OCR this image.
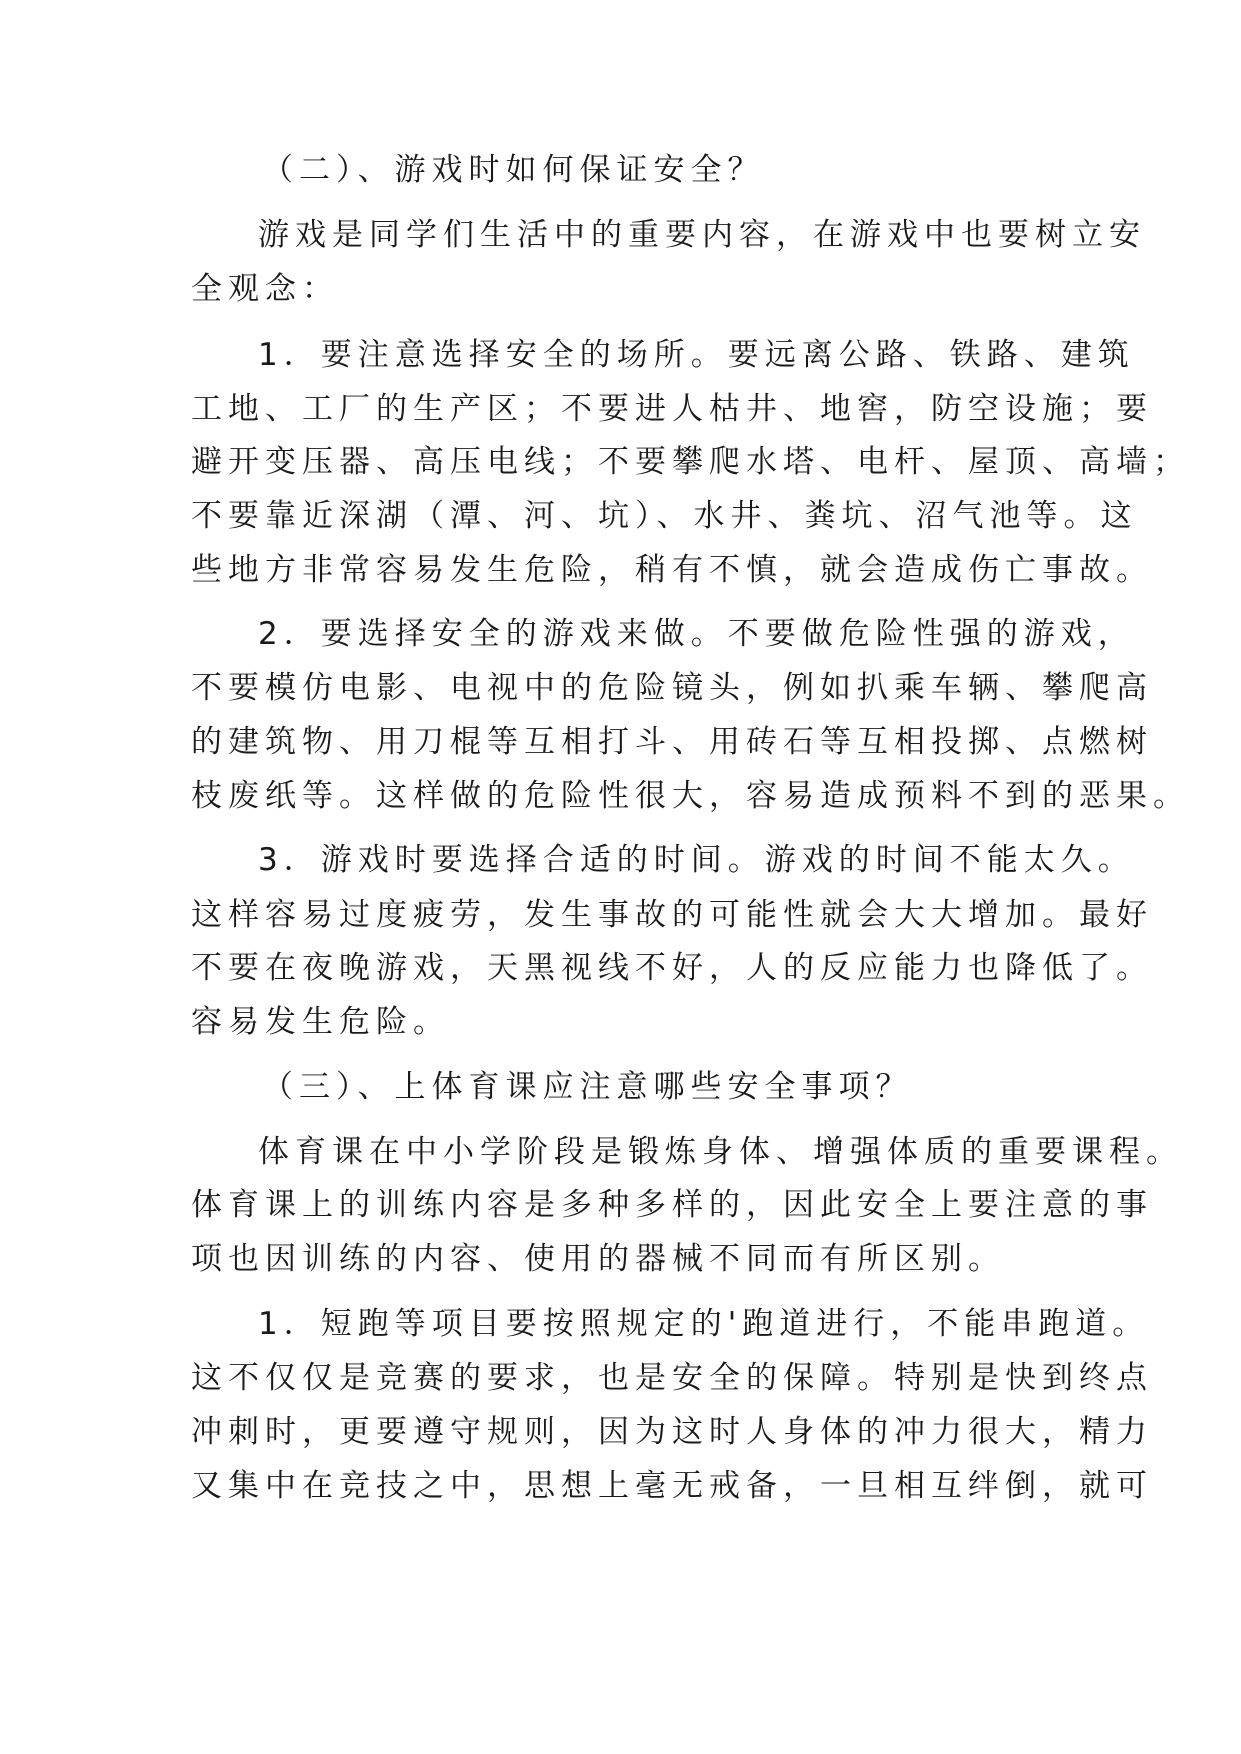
（二）、游戏时如何保证安全？
游戏是同学们生活中的重要内容，在游戏中也要树立安
全观念：
1．要注意选择安全的场所。要远离公路、铁路、建筑
工地、工厂的生产区；不要进人枯井、地窖，防空设施；要
避开变压器、高压电线；不要攀爬水塔、电杆、屋顶、高墙；
不要靠近深湖（潭、河、坑）、水井、粪坑、沼气池等。这
些地方非常容易发生危险，稍有不慎，就会造成伤亡事故。
2．要选择安全的游戏来做。不要做危险性强的游戏，
不要模仿电影、电视中的危险镜头，例如扒乘车辆、攀爬高
的建筑物、用刀棍等互相打斗、用砖石等互相投掷、点燃树
枝废纸等。这样做的危险性很大，容易造成预料不到的恶果。
3．游戏时要选择合适的时间。游戏的时间不能太久。
这样容易过度疲劳，发生事故的可能性就会大大增加。最好
不要在夜晚游戏，天黑视线不好，人的反应能力也降低了。
容易发生危险。
（三）、上体育课应注意哪些安全事项？
体育课在中小学阶段是锻炼身体、增强体质的重要课程。
体育课上的训练内容是多种多样的，因此安全上要注意的事
项也因训练的内容、使用的器械不同而有所区别。
1．短跑等项目要按照规定的'跑道进行，不能串跑道。
这不仅仅是竞赛的要求，也是安全的保障。特别是快到终点
冲刺时，更要遵守规则，因为这时人身体的冲力很大，精力
又集中在竞技之中，思想上毫无戒备，一旦相互绊倒，就可
